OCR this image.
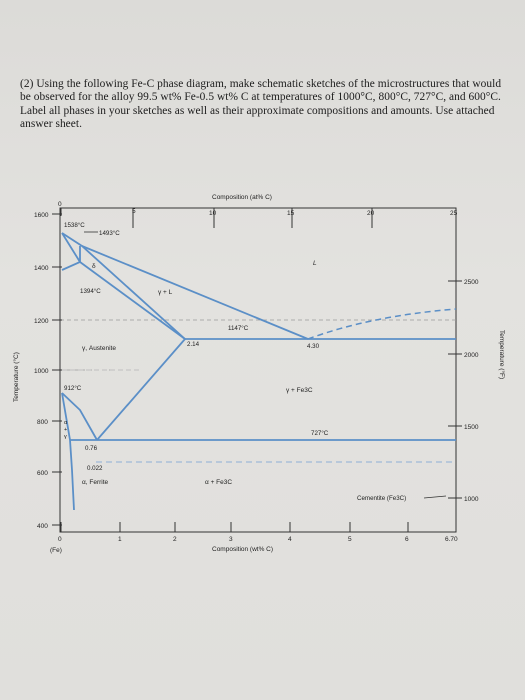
(2) Using the following Fe-C phase diagram, make schematic sketches of the microstructures that would be observed for the alloy 99.5 wt% Fe-0.5 wt% C at temperatures of 1000°C, 800°C, 727°C, and 600°C. Label all phases in your sketches as well as their approximate compositions and amounts. Use attached answer sheet.

Composition (at% C)
0
5	10	15	20	25
1600
1400
1200
1000
800
600
400
Temperature (°C)
2500
2000
1500
1000
Temperature (°F)
0	1	2	3	4	5	6	6.70
(Fe)	Composition (wt% C)
1538°C
1493°C
δ	L
1394°C	γ + L
1147°C
2.14	4.30
γ, Austenite
912°C	γ + Fe3C
α
+
γ	727°C
0.76
0.022
α, Ferrite	α + Fe3C
Cementite (Fe3C)
